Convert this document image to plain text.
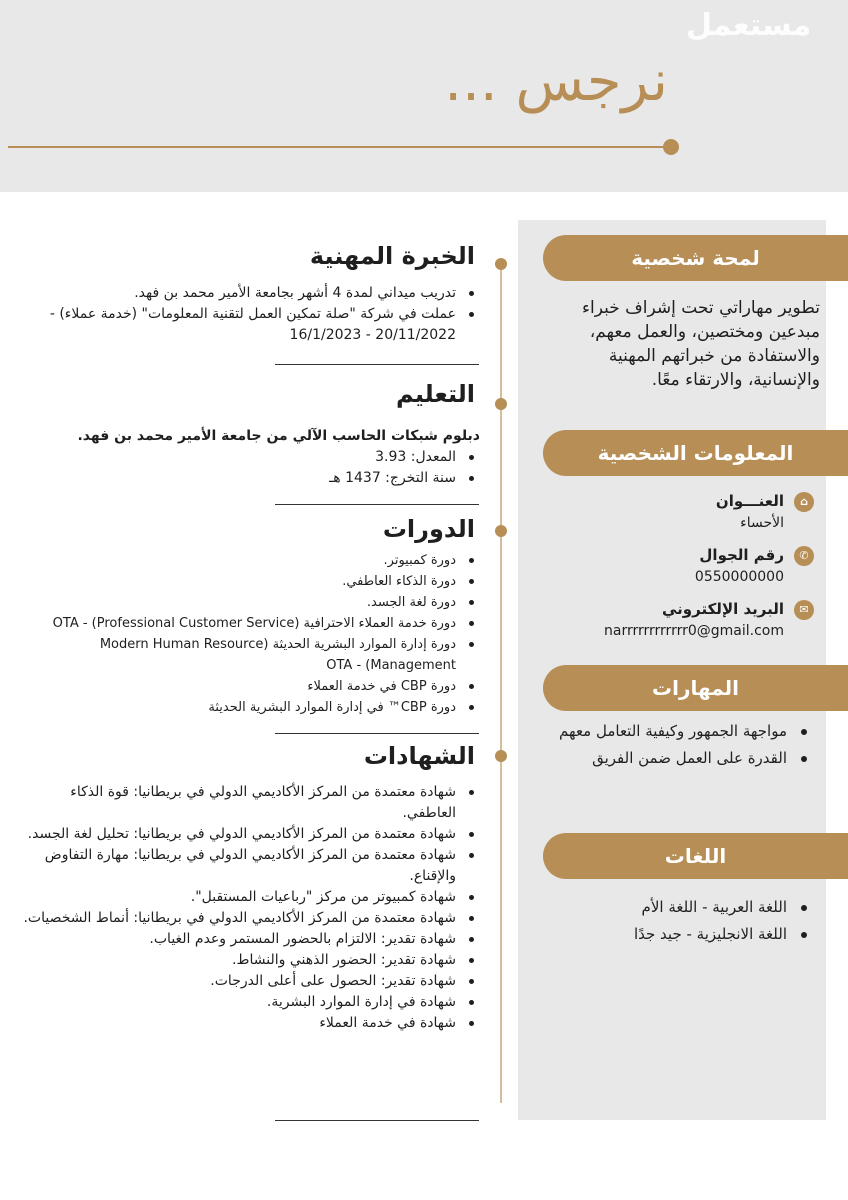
مستعمل
نرجس ...
لمحة شخصية
تطوير مهاراتي تحت إشراف خبراء مبدعين ومختصين، والعمل معهم، والاستفادة من خبراتهم المهنية والإنسانية، والارتقاء معًا.
المعلومات الشخصية
⌂
العنـــوان
الأحساء
✆
رقم الجوال
0550000000
✉
البريد الإلكتروني
narrrrrrrrrrrr0@gmail.com
المهارات
مواجهة الجمهور وكيفية التعامل معهم
القدرة على العمل ضمن الفريق
اللغات
اللغة العربية - اللغة الأم
اللغة الانجليزية - جيد جدًا
الخبرة المهنية
تدريب ميداني لمدة 4 أشهر بجامعة الأمير محمد بن فهد.
عملت في شركة "صلة تمكين العمل لتقنية المعلومات" (خدمة عملاء) - 20/11/2022 - 16/1/2023
التعليم
دبلوم شبكات الحاسب الآلي من جامعة الأمير محمد بن فهد.
المعدل: 3.93
سنة التخرج: 1437 هـ
الدورات
دورة كمبيوتر.
دورة الذكاء العاطفي.
دورة لغة الجسد.
دورة خدمة العملاء الاحترافية (Professional Customer Service) - OTA
دورة إدارة الموارد البشرية الحديثة (Modern Human Resource Management) - OTA
دورة CBP في خدمة العملاء
دورة CBP™ في إدارة الموارد البشرية الحديثة
الشهادات
شهادة معتمدة من المركز الأكاديمي الدولي في بريطانيا: قوة الذكاء العاطفي.
شهادة معتمدة من المركز الأكاديمي الدولي في بريطانيا: تحليل لغة الجسد.
شهادة معتمدة من المركز الأكاديمي الدولي في بريطانيا: مهارة التفاوض والإقناع.
شهادة كمبيوتر من مركز "رباعيات المستقبل".
شهادة معتمدة من المركز الأكاديمي الدولي في بريطانيا: أنماط الشخصيات.
شهادة تقدير: الالتزام بالحضور المستمر وعدم الغياب.
شهادة تقدير: الحضور الذهني والنشاط.
شهادة تقدير: الحصول على أعلى الدرجات.
شهادة في إدارة الموارد البشرية.
شهادة في خدمة العملاء
